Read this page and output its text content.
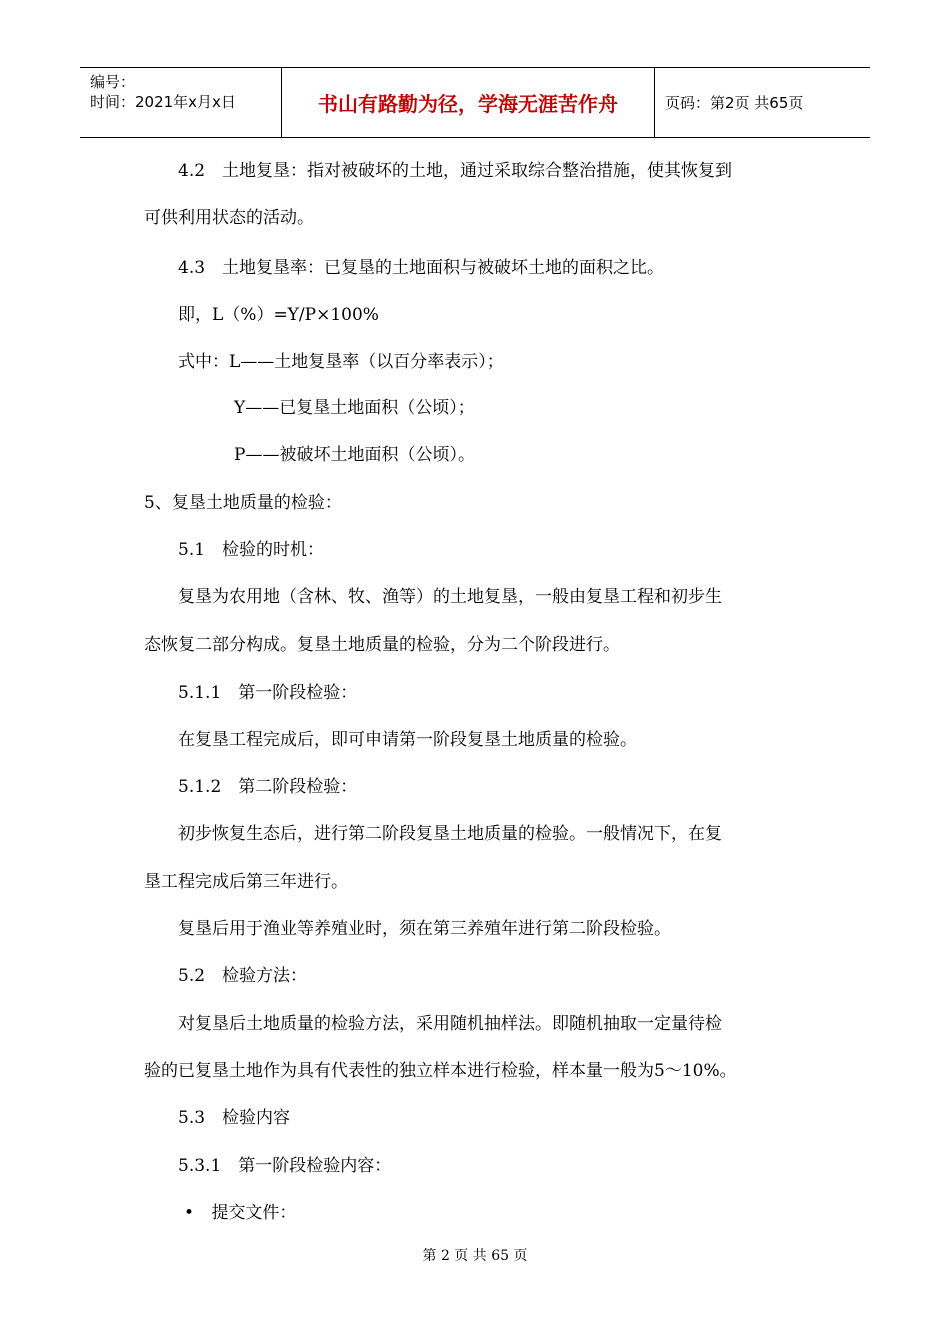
编号：
时间：2021年x月x日	书山有路勤为径，学海无涯苦作舟	页码：第2页 共65页
4.2　土地复垦：指对被破坏的土地，通过采取综合整治措施，使其恢复到
可供利用状态的活动。
4.3　土地复垦率：已复垦的土地面积与被破坏土地的面积之比。
即，L（%）=Y/P×100%
式中：L——土地复垦率（以百分率表示）；
Y——已复垦土地面积（公顷）；
P——被破坏土地面积（公顷）。
5、复垦土地质量的检验：
5.1　检验的时机：
复垦为农用地（含林、牧、渔等）的土地复垦，一般由复垦工程和初步生
态恢复二部分构成。复垦土地质量的检验，分为二个阶段进行。
5.1.1　第一阶段检验：
在复垦工程完成后，即可申请第一阶段复垦土地质量的检验。
5.1.2　第二阶段检验：
初步恢复生态后，进行第二阶段复垦土地质量的检验。一般情况下，在复
垦工程完成后第三年进行。
复垦后用于渔业等养殖业时，须在第三养殖年进行第二阶段检验。
5.2　检验方法：
对复垦后土地质量的检验方法，采用随机抽样法。即随机抽取一定量待检
验的已复垦土地作为具有代表性的独立样本进行检验，样本量一般为5～10%。
5.3　检验内容
5.3.1　第一阶段检验内容：
• 提交文件：
第 2 页 共 65 页
